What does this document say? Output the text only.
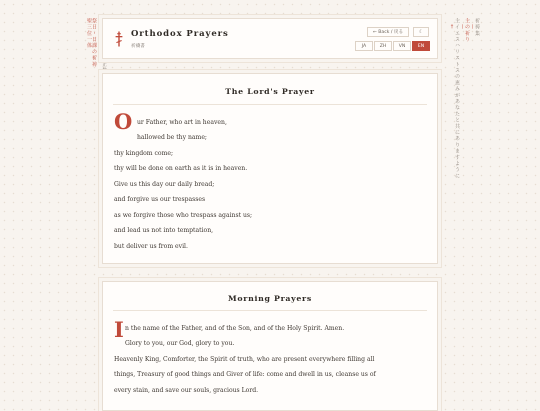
—
祭日・日課の祈祷
聖三位一体	祈祷集
—
主の祈り
—
主イエスハリストスの恵みがあなたと共にありますように
†
Orthodox Prayers
祈禱書
← Back / 戻る	☾
JA	ZH	VN	EN
The Lord's Prayer
O ur Father, who art in heaven,
hallowed be thy name;
thy kingdom come;
thy will be done on earth as it is in heaven.
Give us this day our daily bread;
and forgive us our trespasses
as we forgive those who trespass against us;
and lead us not into temptation,
but deliver us from evil.
Morning Prayers
I n the name of the Father, and of the Son, and of the Holy Spirit. Amen.
Glory to you, our God, glory to you.
Heavenly King, Comforter, the Spirit of truth, who are present everywhere filling all
things, Treasury of good things and Giver of life: come and dwell in us, cleanse us of
every stain, and save our souls, gracious Lord.
